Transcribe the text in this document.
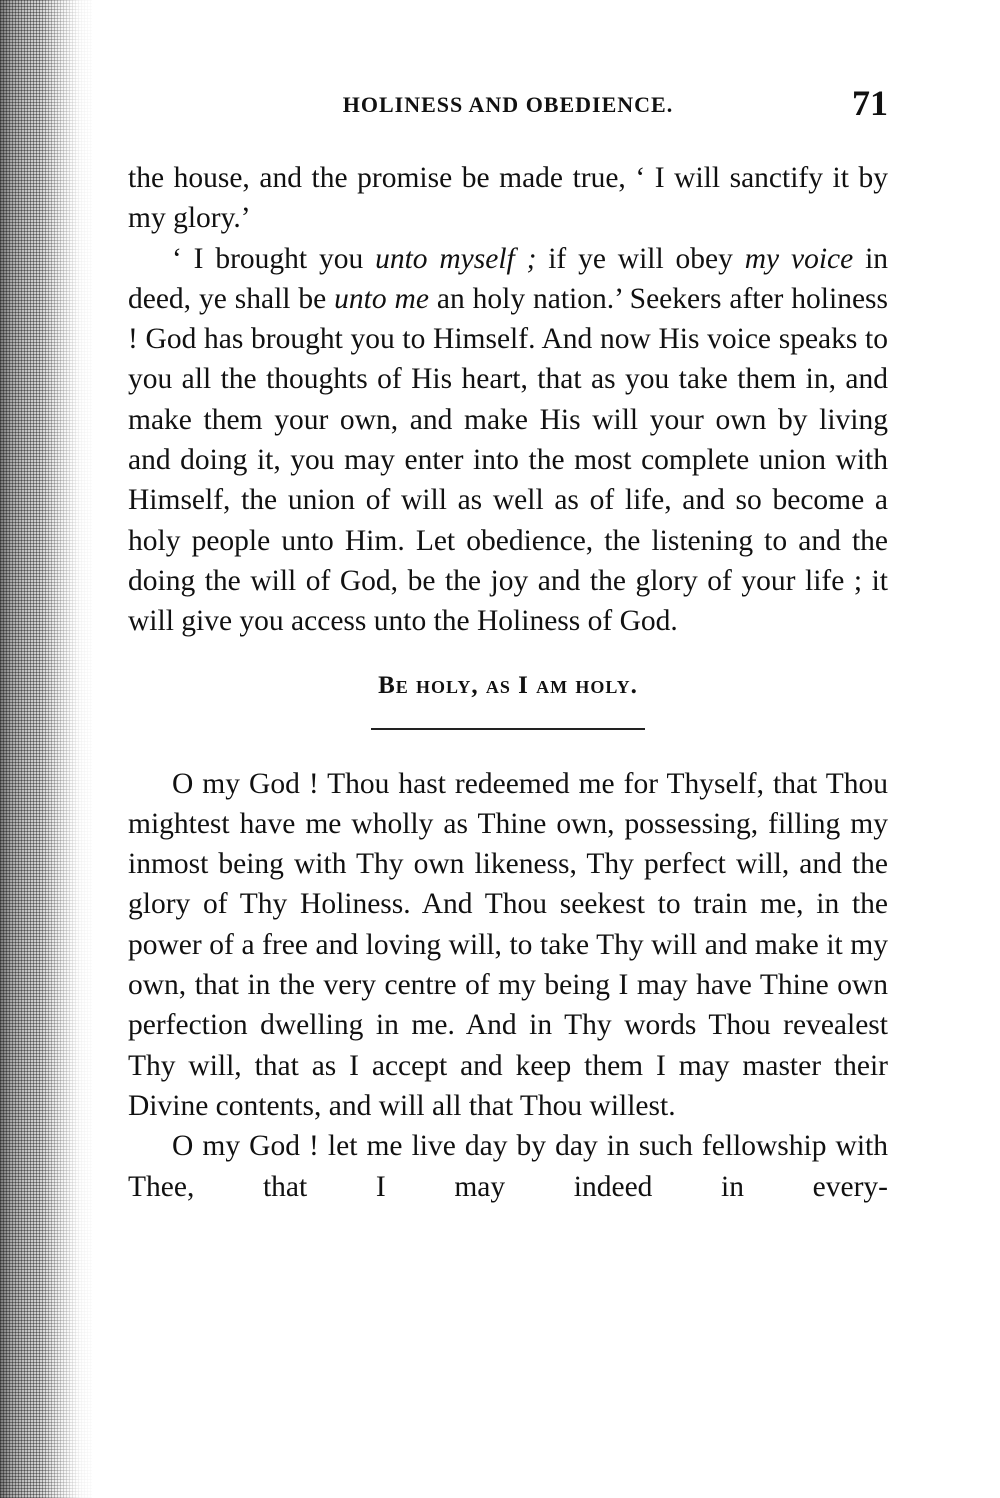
HOLINESS AND OBEDIENCE.	71

the house, and the promise be made true, ‘ I will sanctify it by my glory.’

‘ I brought you unto myself ; if ye will obey my voice in deed, ye shall be unto me an holy nation.’ Seekers after holiness ! God has brought you to Himself. And now His voice speaks to you all the thoughts of His heart, that as you take them in, and make them your own, and make His will your own by living and doing it, you may enter into the most complete union with Himself, the union of will as well as of life, and so become a holy people unto Him. Let obedience, the listening to and the doing the will of God, be the joy and the glory of your life ; it will give you access unto the Holiness of God.

Be holy, as I am holy.

O my God ! Thou hast redeemed me for Thyself, that Thou mightest have me wholly as Thine own, possessing, filling my inmost being with Thy own likeness, Thy perfect will, and the glory of Thy Holiness. And Thou seekest to train me, in the power of a free and loving will, to take Thy will and make it my own, that in the very centre of my being I may have Thine own perfection dwelling in me. And in Thy words Thou revealest Thy will, that as I accept and keep them I may master their Divine contents, and will all that Thou willest.

O my God ! let me live day by day in such fellowship with Thee, that I may indeed in every-
